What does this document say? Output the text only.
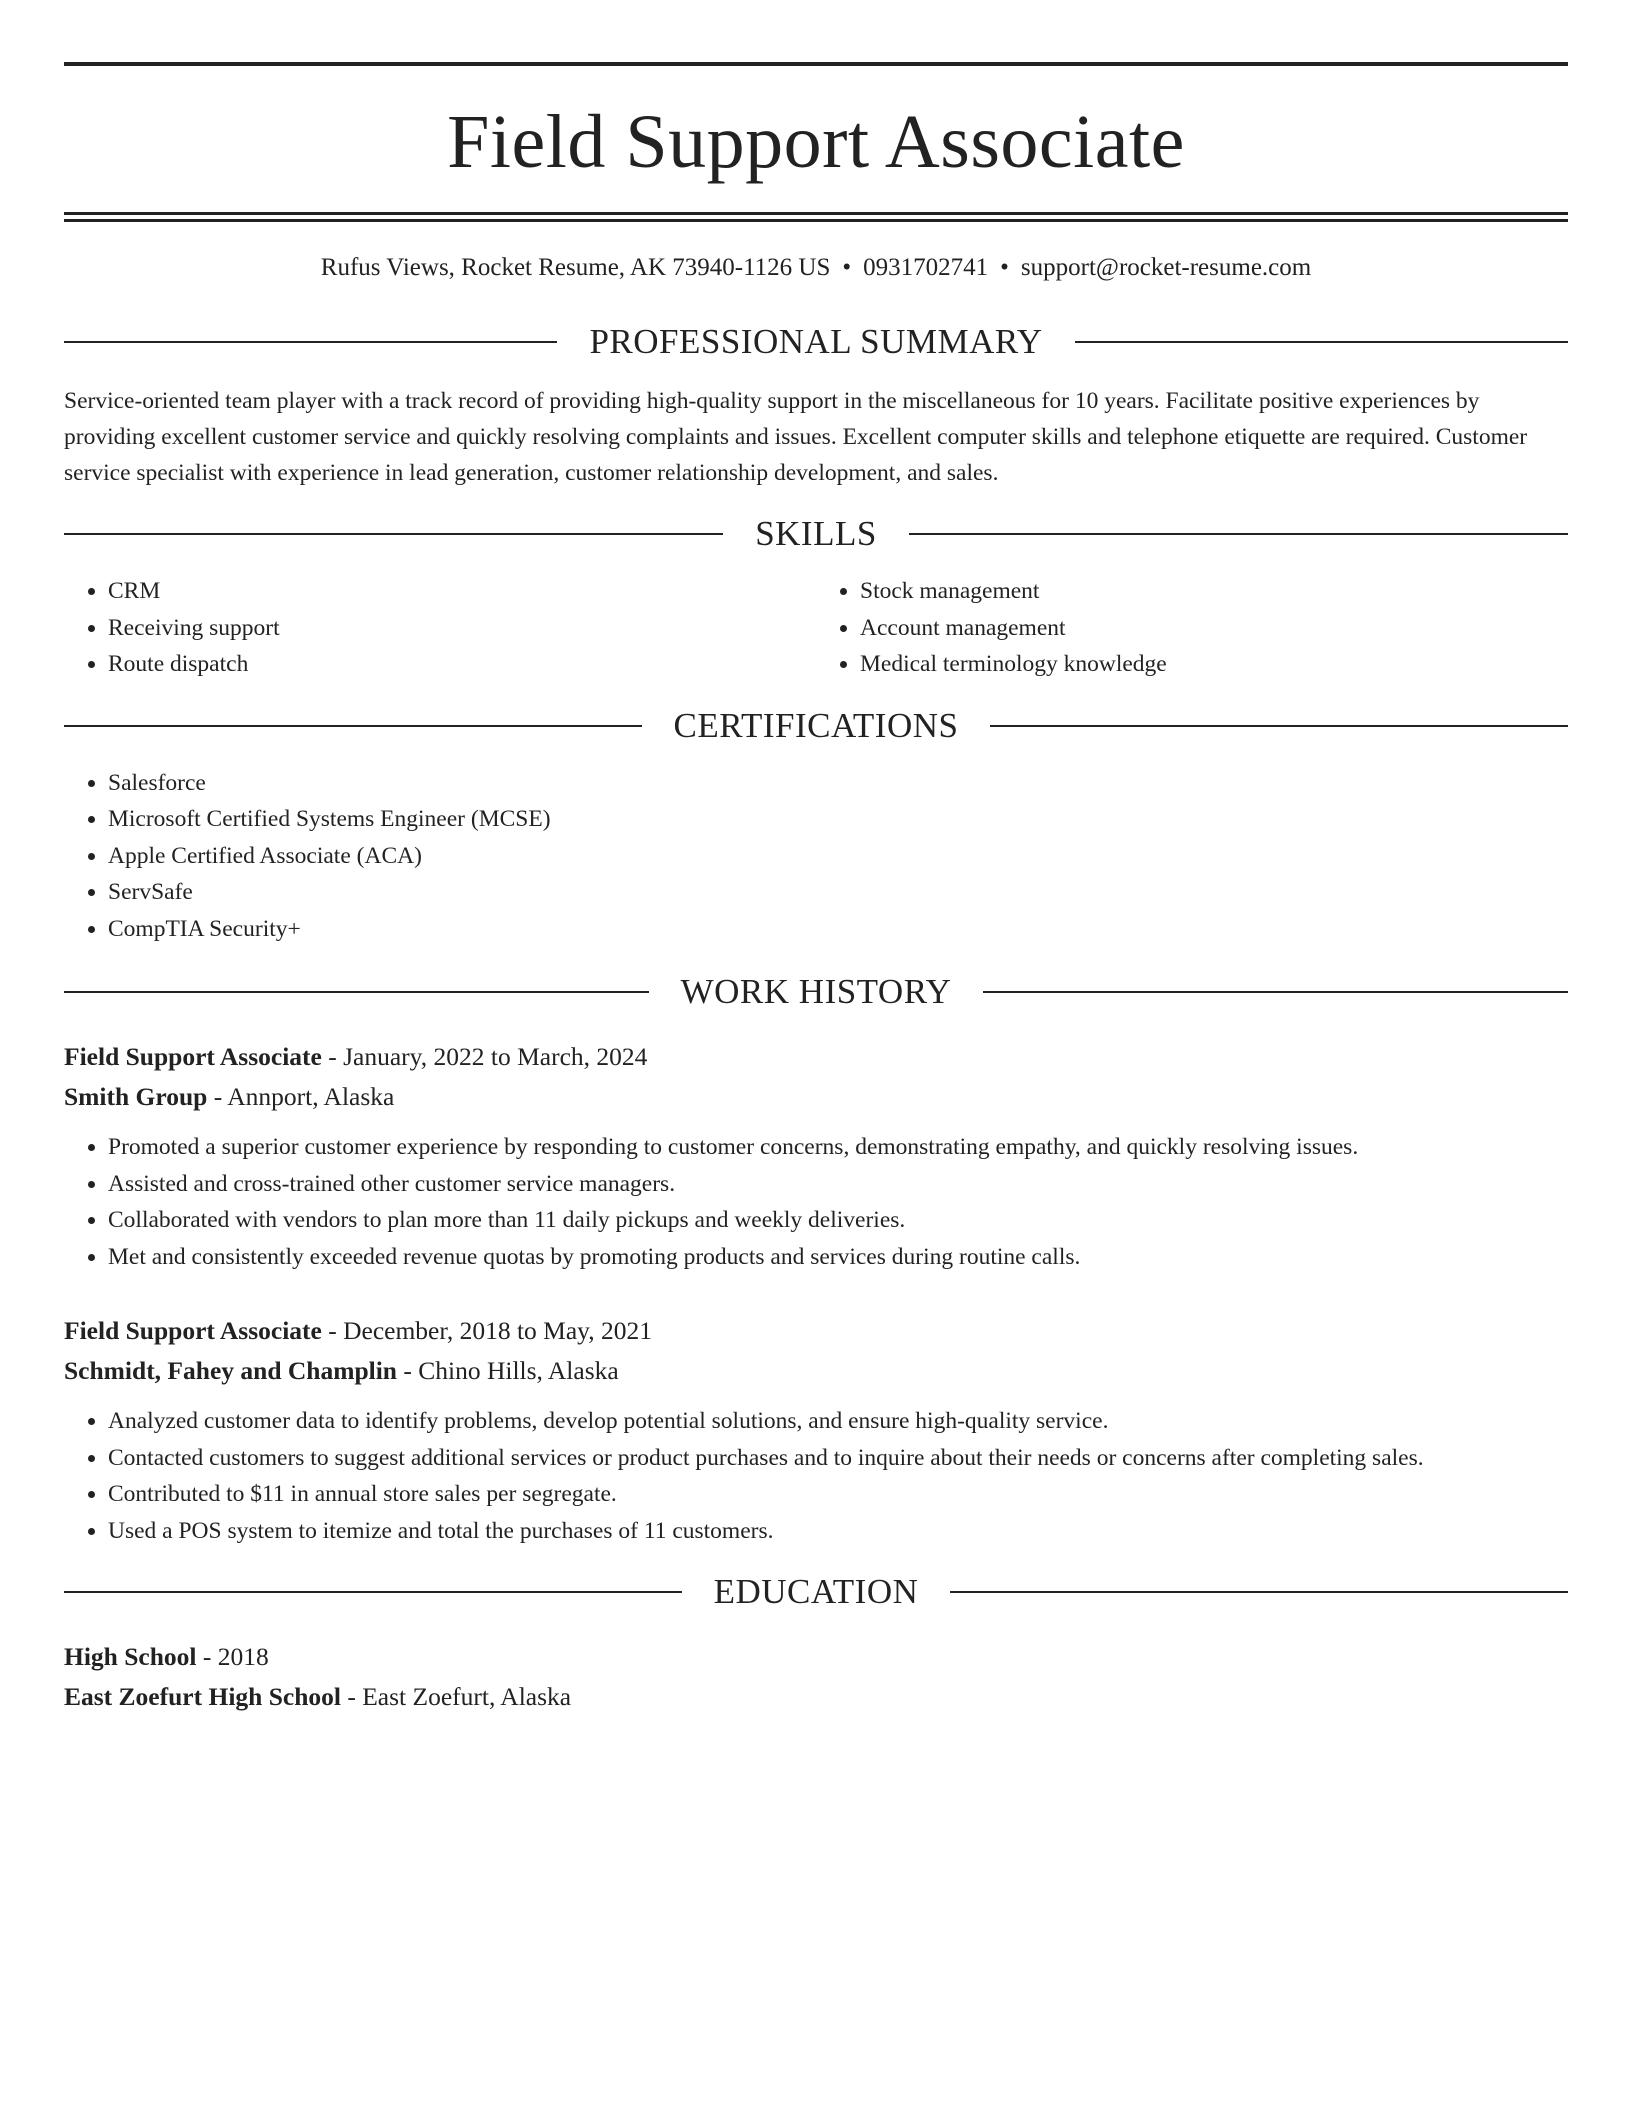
Field Support Associate
Rufus Views, Rocket Resume, AK 73940-1126 US • 0931702741 • support@rocket-resume.com
PROFESSIONAL SUMMARY
Service-oriented team player with a track record of providing high-quality support in the miscellaneous for 10 years. Facilitate positive experiences by providing excellent customer service and quickly resolving complaints and issues. Excellent computer skills and telephone etiquette are required. Customer service specialist with experience in lead generation, customer relationship development, and sales.
SKILLS
• CRM
• Receiving support
• Route dispatch
• Stock management
• Account management
• Medical terminology knowledge
CERTIFICATIONS
• Salesforce
• Microsoft Certified Systems Engineer (MCSE)
• Apple Certified Associate (ACA)
• ServSafe
• CompTIA Security+
WORK HISTORY
Field Support Associate - January, 2022 to March, 2024
Smith Group - Annport, Alaska
• Promoted a superior customer experience by responding to customer concerns, demonstrating empathy, and quickly resolving issues.
• Assisted and cross-trained other customer service managers.
• Collaborated with vendors to plan more than 11 daily pickups and weekly deliveries.
• Met and consistently exceeded revenue quotas by promoting products and services during routine calls.
Field Support Associate - December, 2018 to May, 2021
Schmidt, Fahey and Champlin - Chino Hills, Alaska
• Analyzed customer data to identify problems, develop potential solutions, and ensure high-quality service.
• Contacted customers to suggest additional services or product purchases and to inquire about their needs or concerns after completing sales.
• Contributed to $11 in annual store sales per segregate.
• Used a POS system to itemize and total the purchases of 11 customers.
EDUCATION
High School - 2018
East Zoefurt High School - East Zoefurt, Alaska
